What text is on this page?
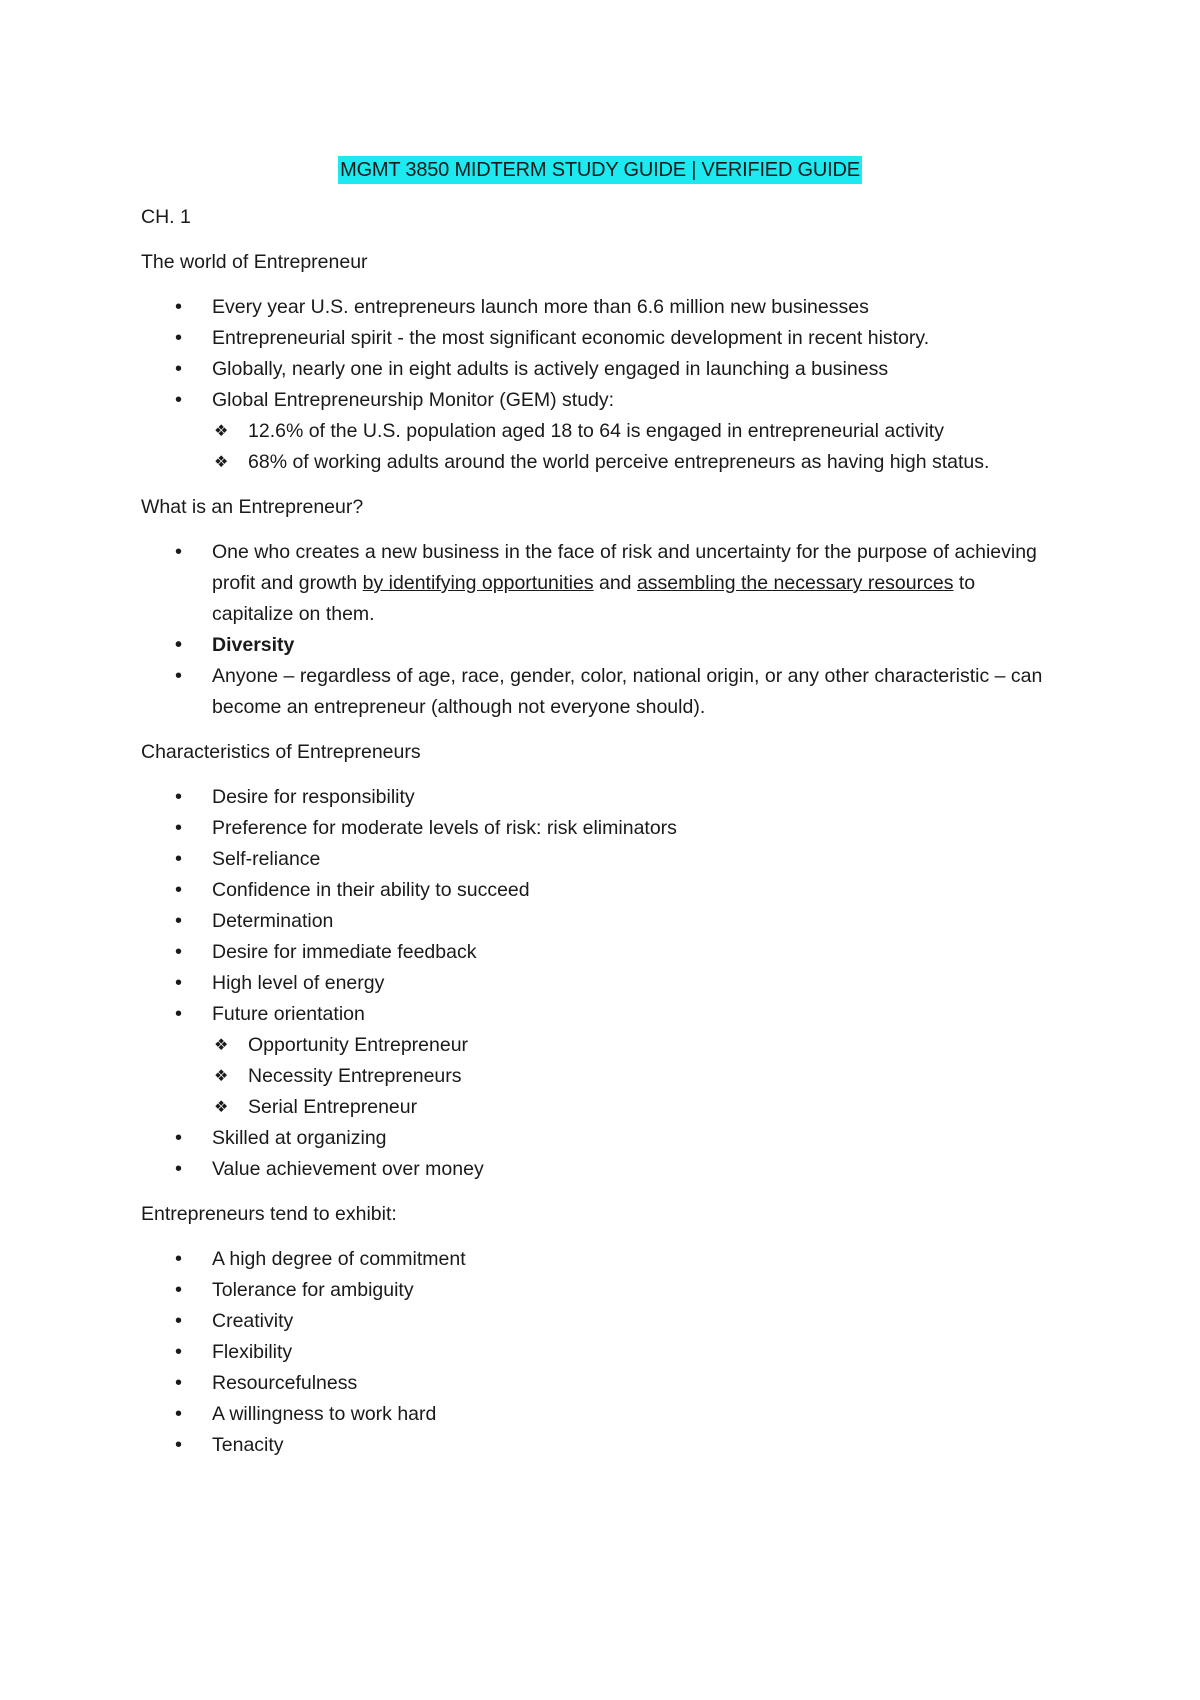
MGMT 3850 MIDTERM STUDY GUIDE | VERIFIED GUIDE
CH. 1
The world of Entrepreneur
• Every year U.S. entrepreneurs launch more than 6.6 million new businesses
• Entrepreneurial spirit - the most significant economic development in recent history.
• Globally, nearly one in eight adults is actively engaged in launching a business
• Global Entrepreneurship Monitor (GEM) study:
❖ 12.6% of the U.S. population aged 18 to 64 is engaged in entrepreneurial activity
❖ 68% of working adults around the world perceive entrepreneurs as having high status.
What is an Entrepreneur?
• One who creates a new business in the face of risk and uncertainty for the purpose of achieving profit and growth by identifying opportunities and assembling the necessary resources to capitalize on them.
• Diversity
• Anyone – regardless of age, race, gender, color, national origin, or any other characteristic – can become an entrepreneur (although not everyone should).
Characteristics of Entrepreneurs
• Desire for responsibility
• Preference for moderate levels of risk: risk eliminators
• Self-reliance
• Confidence in their ability to succeed
• Determination
• Desire for immediate feedback
• High level of energy
• Future orientation
❖ Opportunity Entrepreneur
❖ Necessity Entrepreneurs
❖ Serial Entrepreneur
• Skilled at organizing
• Value achievement over money
Entrepreneurs tend to exhibit:
• A high degree of commitment
• Tolerance for ambiguity
• Creativity
• Flexibility
• Resourcefulness
• A willingness to work hard
• Tenacity
